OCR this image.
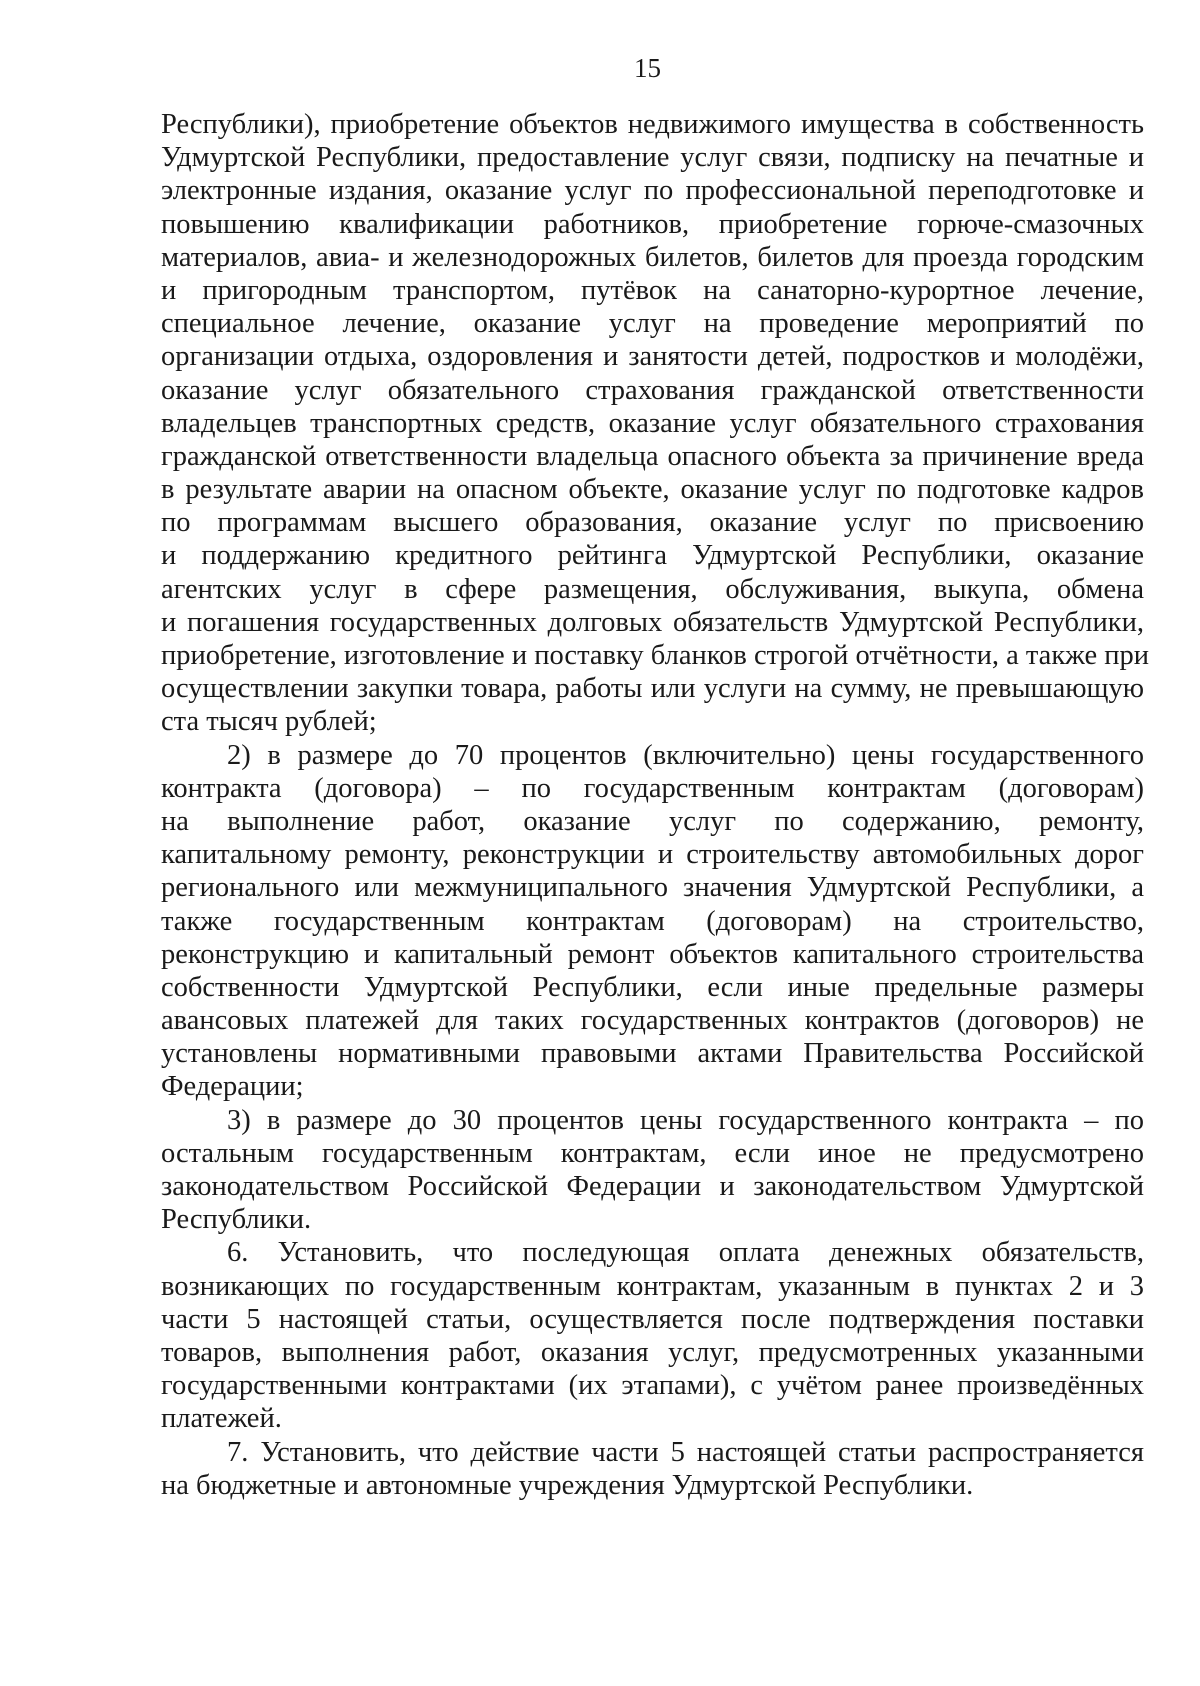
15
Республики), приобретение объектов недвижимого имущества в собственность
Удмуртской Республики, предоставление услуг связи, подписку на печатные и
электронные издания, оказание услуг по профессиональной переподготовке и
повышению квалификации работников, приобретение горюче-смазочных
материалов, авиа- и железнодорожных билетов, билетов для проезда городским
и пригородным транспортом, путёвок на санаторно-курортное лечение,
специальное лечение, оказание услуг на проведение мероприятий по
организации отдыха, оздоровления и занятости детей, подростков и молодёжи,
оказание услуг обязательного страхования гражданской ответственности
владельцев транспортных средств, оказание услуг обязательного страхования
гражданской ответственности владельца опасного объекта за причинение вреда
в результате аварии на опасном объекте, оказание услуг по подготовке кадров
по программам высшего образования, оказание услуг по присвоению
и поддержанию кредитного рейтинга Удмуртской Республики, оказание
агентских услуг в сфере размещения, обслуживания, выкупа, обмена
и погашения государственных долговых обязательств Удмуртской Республики,
приобретение, изготовление и поставку бланков строгой отчётности, а также при
осуществлении закупки товара, работы или услуги на сумму, не превышающую
ста тысяч рублей;
2) в размере до 70 процентов (включительно) цены государственного
контракта (договора) – по государственным контрактам (договорам)
на выполнение работ, оказание услуг по содержанию, ремонту,
капитальному ремонту, реконструкции и строительству автомобильных дорог
регионального или межмуниципального значения Удмуртской Республики, а
также государственным контрактам (договорам) на строительство,
реконструкцию и капитальный ремонт объектов капитального строительства
собственности Удмуртской Республики, если иные предельные размеры
авансовых платежей для таких государственных контрактов (договоров) не
установлены нормативными правовыми актами Правительства Российской
Федерации;
3) в размере до 30 процентов цены государственного контракта – по
остальным государственным контрактам, если иное не предусмотрено
законодательством Российской Федерации и законодательством Удмуртской
Республики.
6. Установить, что последующая оплата денежных обязательств,
возникающих по государственным контрактам, указанным в пунктах 2 и 3
части 5 настоящей статьи, осуществляется после подтверждения поставки
товаров, выполнения работ, оказания услуг, предусмотренных указанными
государственными контрактами (их этапами), с учётом ранее произведённых
платежей.
7. Установить, что действие части 5 настоящей статьи распространяется
на бюджетные и автономные учреждения Удмуртской Республики.
